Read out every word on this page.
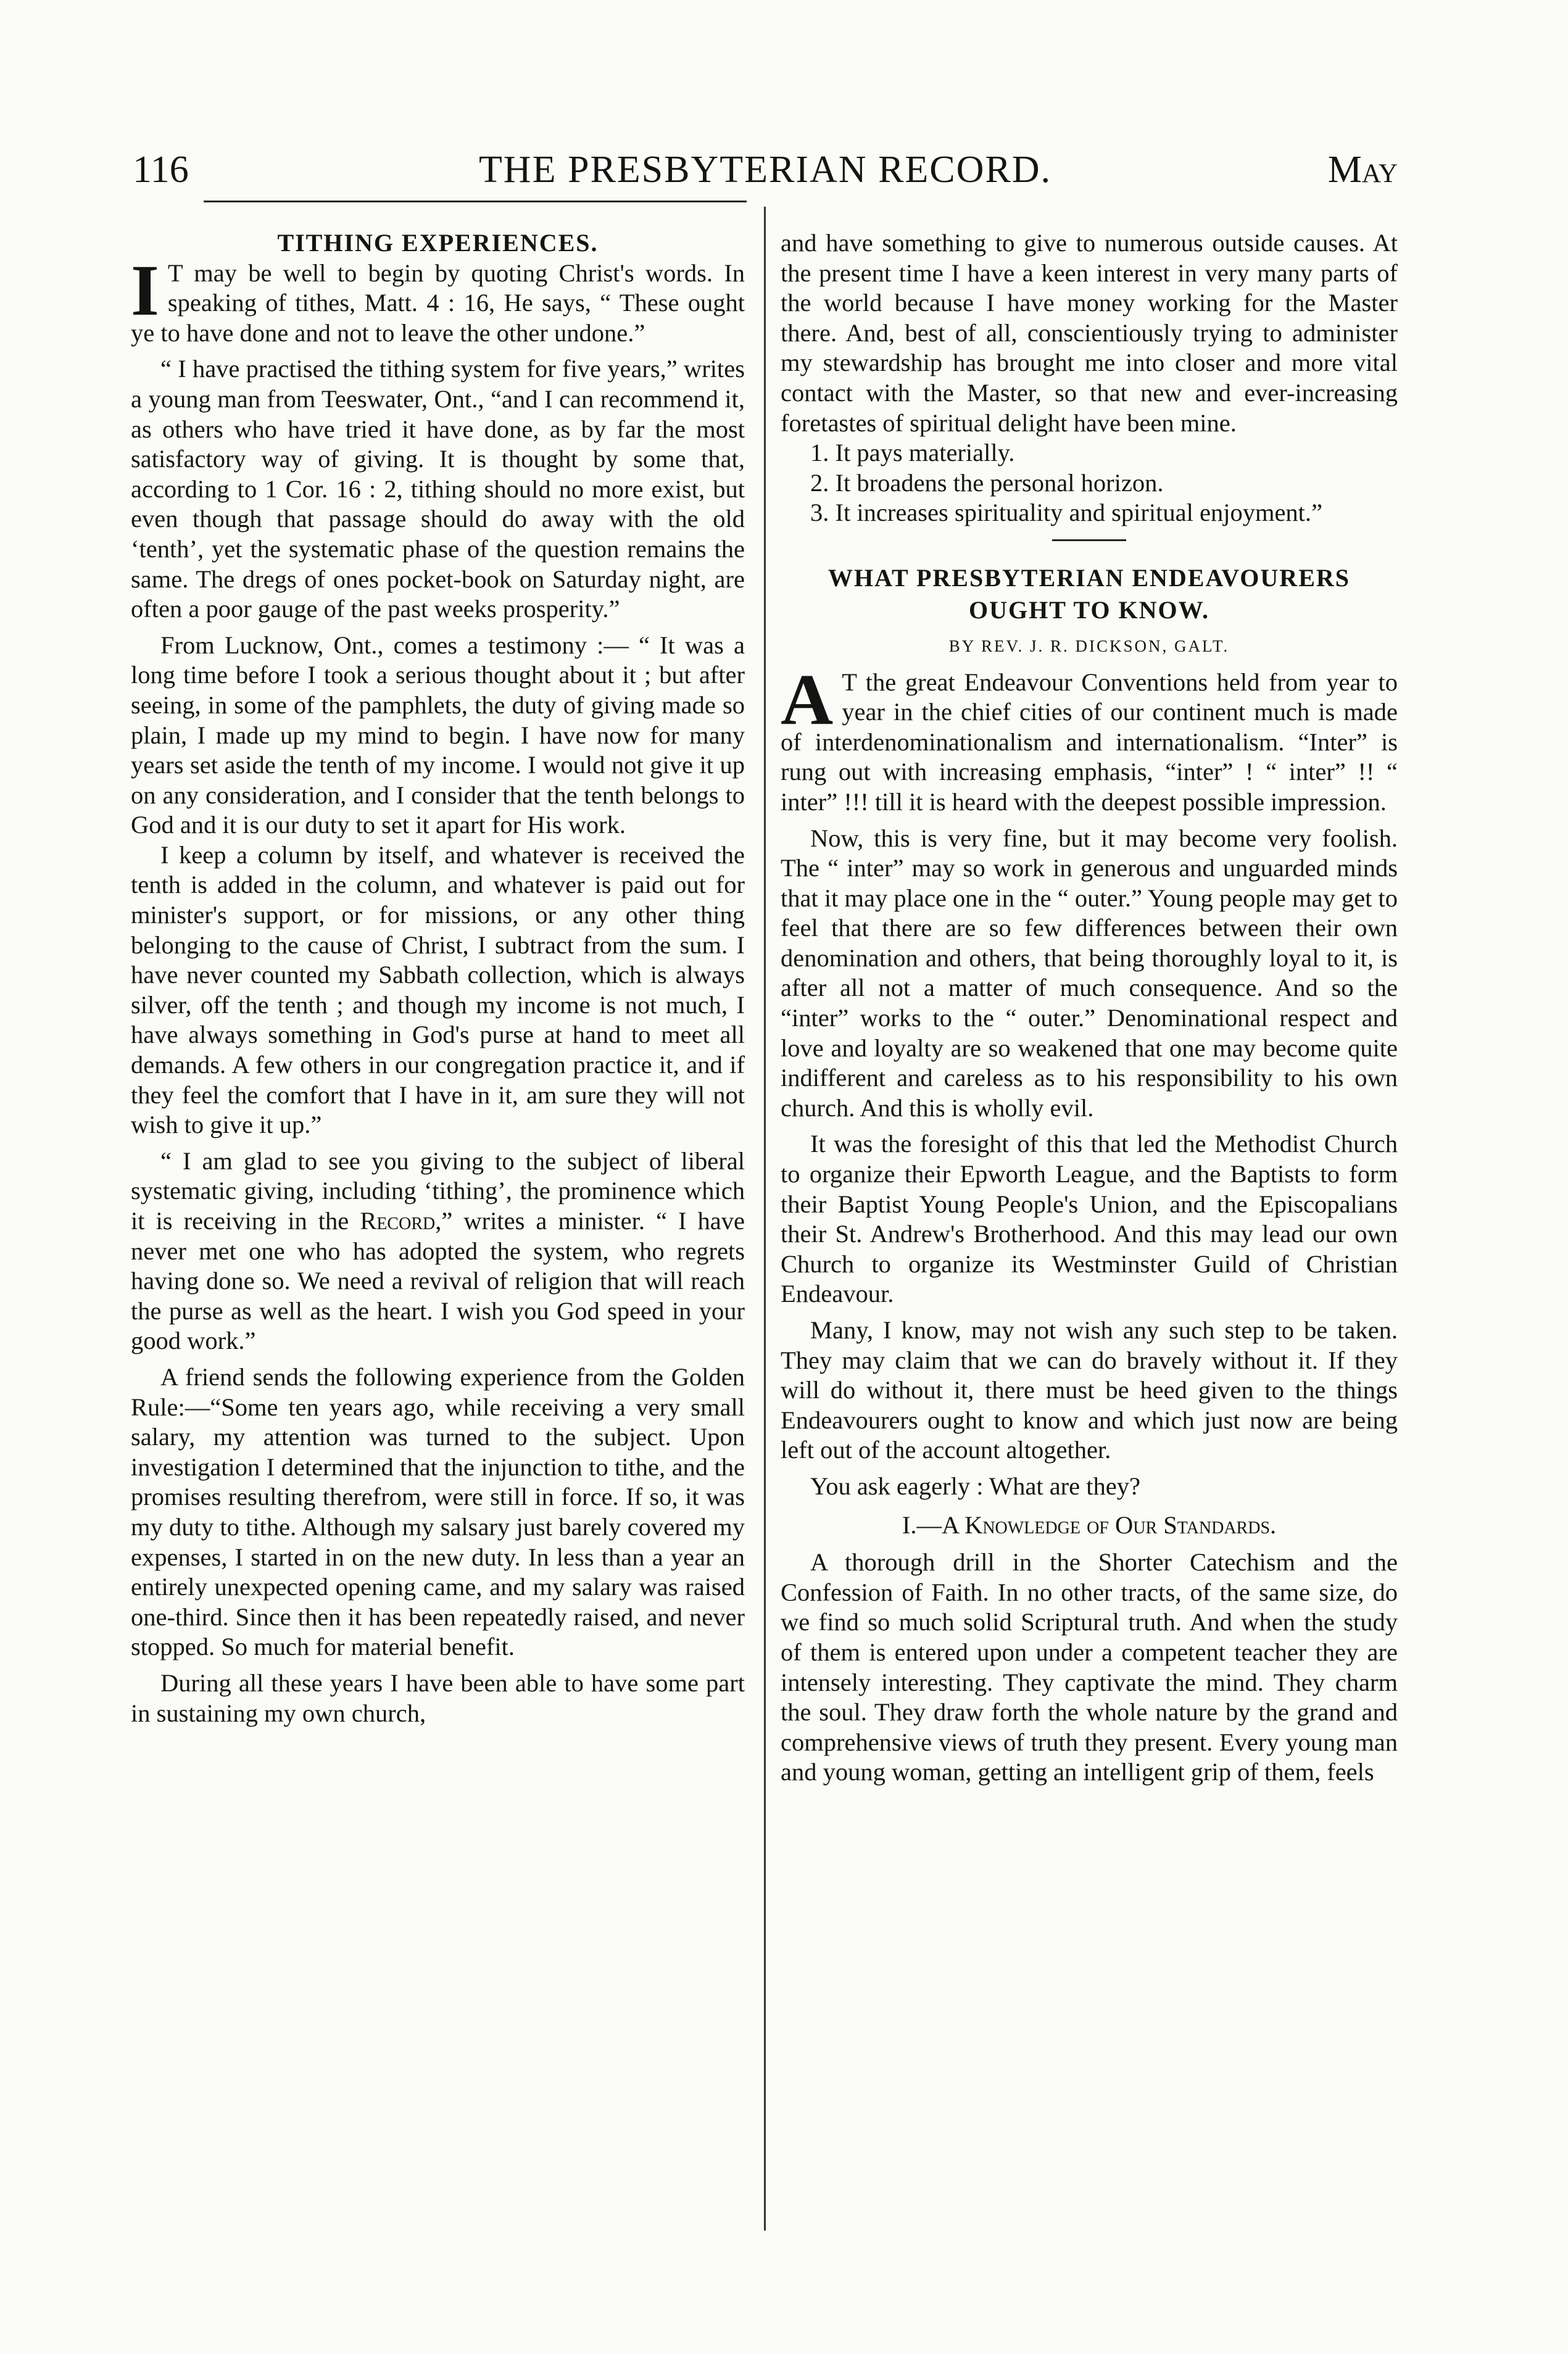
116	THE PRESBYTERIAN RECORD.	May
TITHING EXPERIENCES.

I T may be well to begin by quoting Christ's words. In speaking of tithes, Matt. 4 : 16, He says, “ These ought ye to have done and not to leave the other undone.”

“ I have practised the tithing system for five years,” writes a young man from Teeswater, Ont., “and I can recommend it, as others who have tried it have done, as by far the most satisfactory way of giving. It is thought by some that, according to 1 Cor. 16 : 2, tithing should no more exist, but even though that passage should do away with the old ‘tenth’, yet the systematic phase of the question remains the same. The dregs of ones pocket-book on Saturday night, are often a poor gauge of the past weeks prosperity.”

From Lucknow, Ont., comes a testimony :— “ It was a long time before I took a serious thought about it ; but after seeing, in some of the pamphlets, the duty of giving made so plain, I made up my mind to begin. I have now for many years set aside the tenth of my income. I would not give it up on any consideration, and I consider that the tenth belongs to God and it is our duty to set it apart for His work.

I keep a column by itself, and whatever is received the tenth is added in the column, and whatever is paid out for minister's support, or for missions, or any other thing belonging to the cause of Christ, I subtract from the sum. I have never counted my Sabbath collection, which is always silver, off the tenth ; and though my income is not much, I have always something in God's purse at hand to meet all demands. A few others in our congregation practice it, and if they feel the comfort that I have in it, am sure they will not wish to give it up.”

“ I am glad to see you giving to the subject of liberal systematic giving, including ‘tithing’, the prominence which it is receiving in the Record,” writes a minister. “ I have never met one who has adopted the system, who regrets having done so. We need a revival of religion that will reach the purse as well as the heart. I wish you God speed in your good work.”

A friend sends the following experience from the Golden Rule:—“Some ten years ago, while receiving a very small salary, my attention was turned to the subject. Upon investigation I determined that the injunction to tithe, and the promises resulting therefrom, were still in force. If so, it was my duty to tithe. Although my salsary just barely covered my expenses, I started in on the new duty. In less than a year an entirely unexpected opening came, and my salary was raised one-third. Since then it has been repeatedly raised, and never stopped. So much for material benefit.

During all these years I have been able to have some part in sustaining my own church,

and have something to give to numerous outside causes. At the present time I have a keen interest in very many parts of the world because I have money working for the Master there. And, best of all, conscientiously trying to administer my stewardship has brought me into closer and more vital contact with the Master, so that new and ever-increasing foretastes of spiritual delight have been mine.

1. It pays materially.

2. It broadens the personal horizon.

3. It increases spirituality and spiritual enjoyment.”

WHAT PRESBYTERIAN ENDEAVOURERS OUGHT TO KNOW.
BY REV. J. R. DICKSON, GALT.

A T the great Endeavour Conventions held from year to year in the chief cities of our continent much is made of interdenominationalism and internationalism. “Inter” is rung out with increasing emphasis, “inter” ! “ inter” !! “ inter” !!! till it is heard with the deepest possible impression.

Now, this is very fine, but it may become very foolish. The “ inter” may so work in generous and unguarded minds that it may place one in the “ outer.” Young people may get to feel that there are so few differences between their own denomination and others, that being thoroughly loyal to it, is after all not a matter of much consequence. And so the “inter” works to the “ outer.” Denominational respect and love and loyalty are so weakened that one may become quite indifferent and careless as to his responsibility to his own church. And this is wholly evil.

It was the foresight of this that led the Methodist Church to organize their Epworth League, and the Baptists to form their Baptist Young People's Union, and the Episcopalians their St. Andrew's Brotherhood. And this may lead our own Church to organize its Westminster Guild of Christian Endeavour.

Many, I know, may not wish any such step to be taken. They may claim that we can do bravely without it. If they will do without it, there must be heed given to the things Endeavourers ought to know and which just now are being left out of the account altogether.

You ask eagerly : What are they?

I.—A Knowledge of Our Standards.

A thorough drill in the Shorter Catechism and the Confession of Faith. In no other tracts, of the same size, do we find so much solid Scriptural truth. And when the study of them is entered upon under a competent teacher they are intensely interesting. They captivate the mind. They charm the soul. They draw forth the whole nature by the grand and comprehensive views of truth they present. Every young man and young woman, getting an intelligent grip of them, feels
